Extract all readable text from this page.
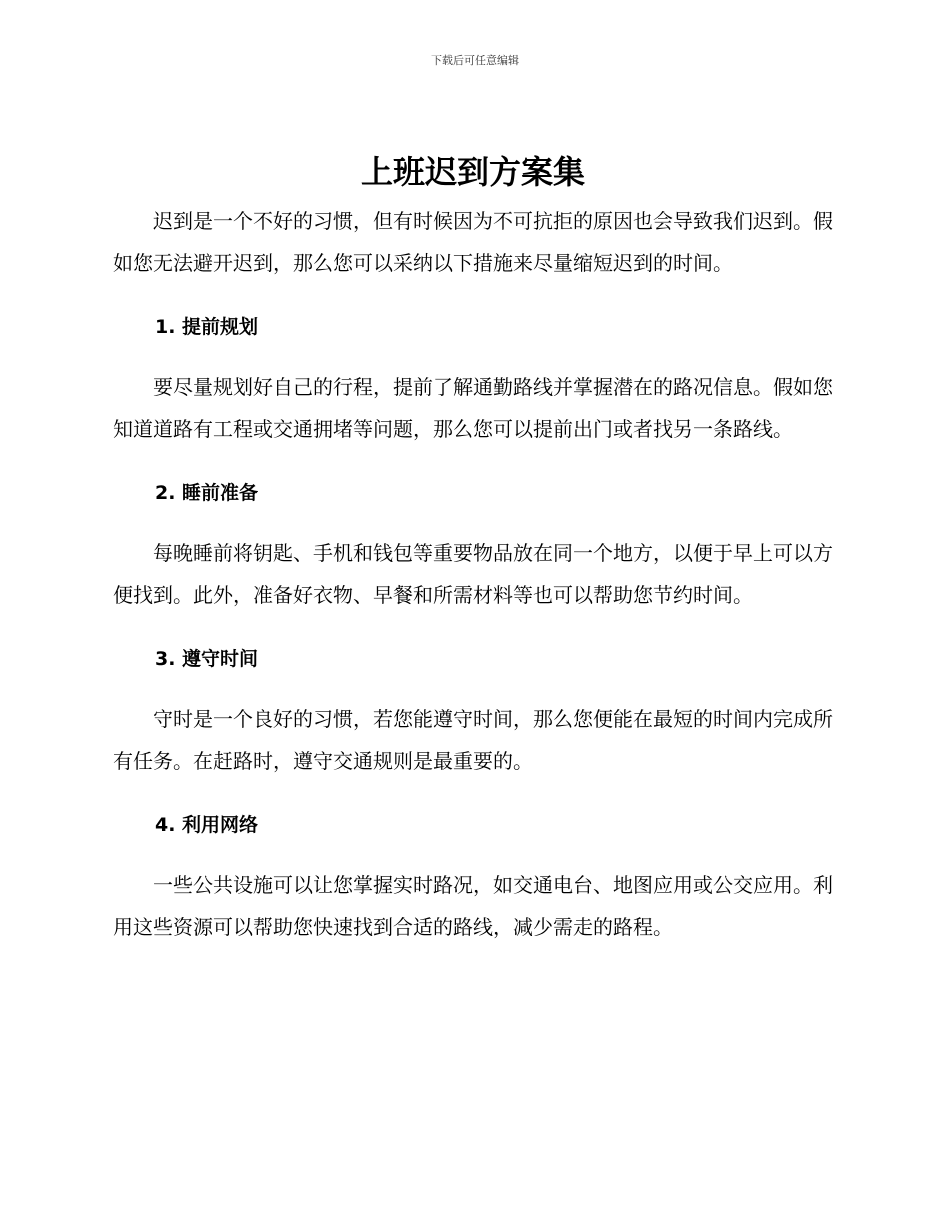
下载后可任意编辑
上班迟到方案集

迟到是一个不好的习惯，但有时候因为不可抗拒的原因也会导致我们迟到。假如您无法避开迟到，那么您可以采纳以下措施来尽量缩短迟到的时间。

1. 提前规划

要尽量规划好自己的行程，提前了解通勤路线并掌握潜在的路况信息。假如您知道道路有工程或交通拥堵等问题，那么您可以提前出门或者找另一条路线。

2. 睡前准备

每晚睡前将钥匙、手机和钱包等重要物品放在同一个地方，以便于早上可以方便找到。此外，准备好衣物、早餐和所需材料等也可以帮助您节约时间。

3. 遵守时间

守时是一个良好的习惯，若您能遵守时间，那么您便能在最短的时间内完成所有任务。在赶路时，遵守交通规则是最重要的。

4. 利用网络

一些公共设施可以让您掌握实时路况，如交通电台、地图应用或公交应用。利用这些资源可以帮助您快速找到合适的路线，减少需走的路程。
